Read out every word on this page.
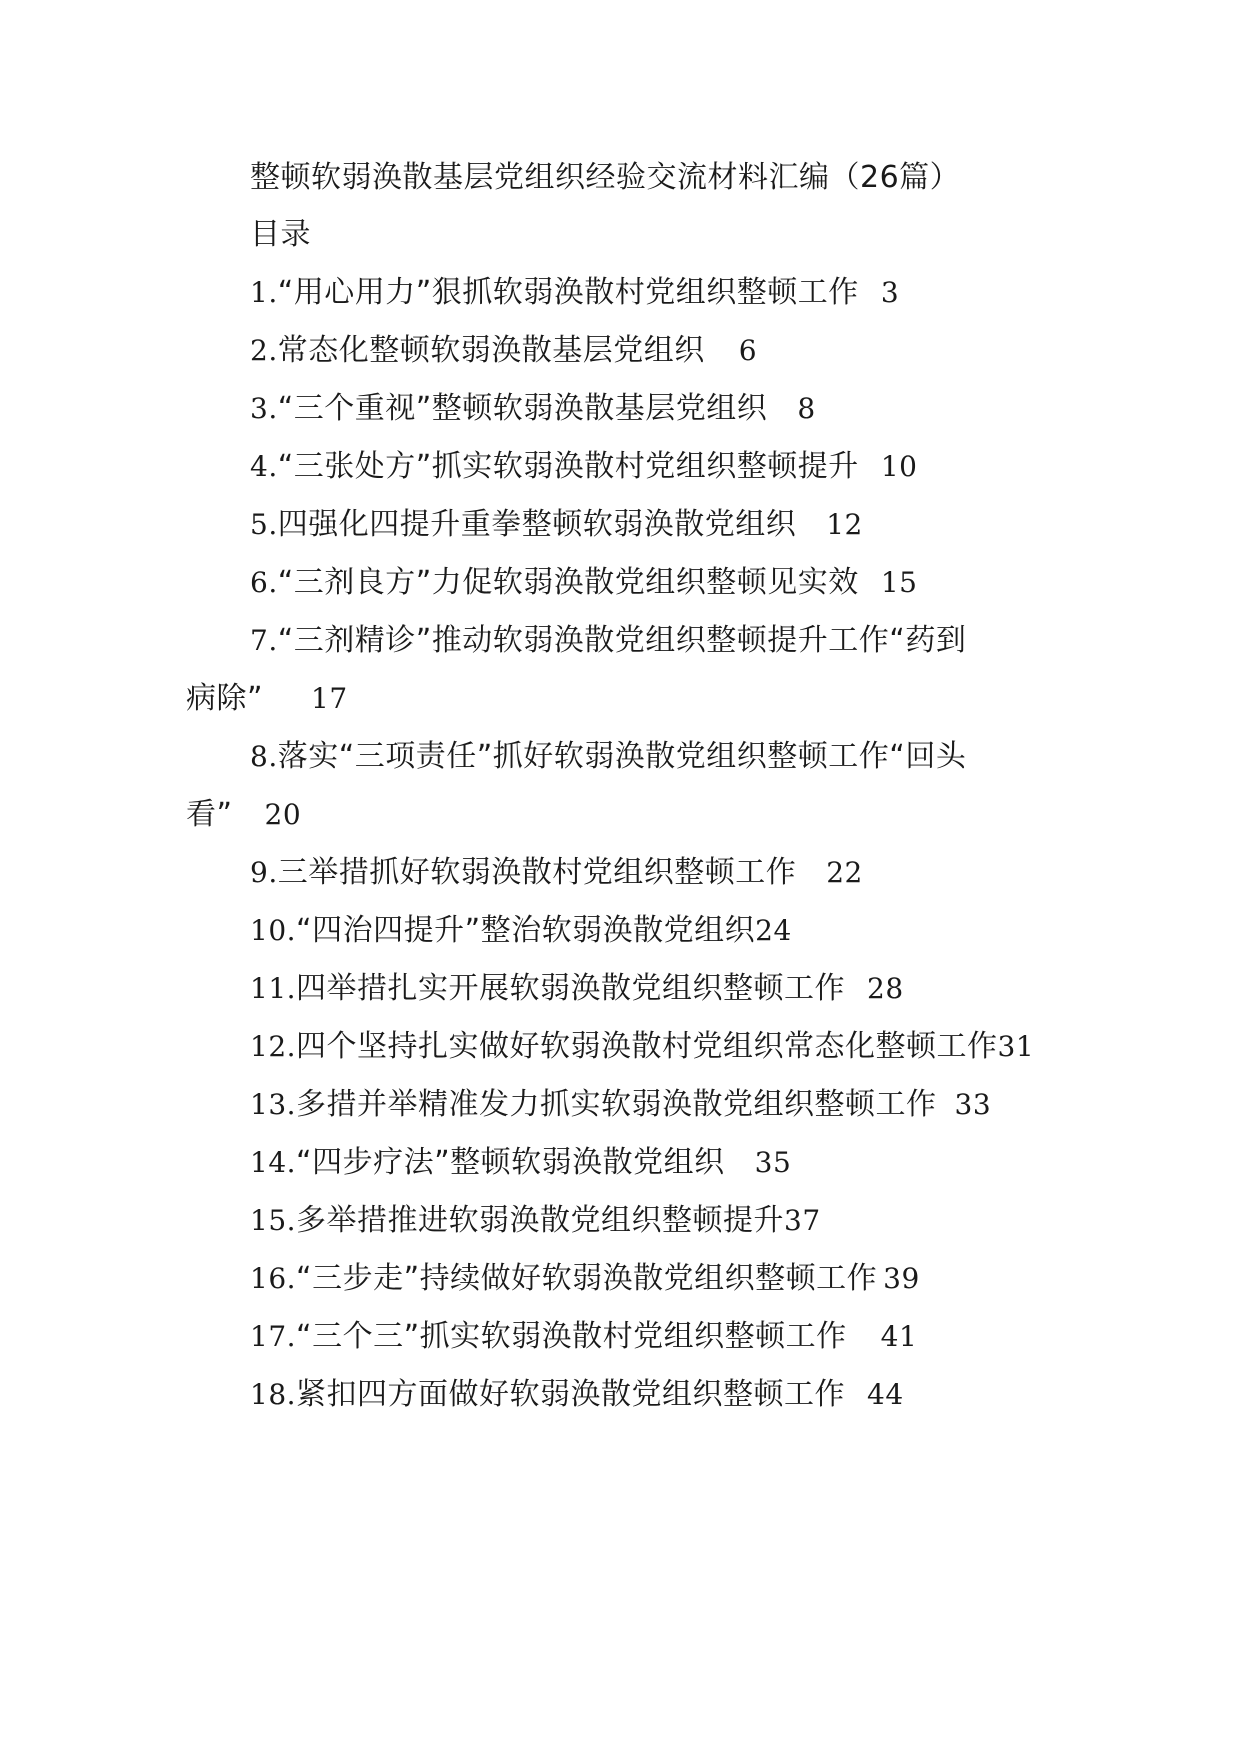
整顿软弱涣散基层党组织经验交流材料汇编（26篇）
目录
1.“用心用力”狠抓软弱涣散村党组织整顿工作 3
2.常态化整顿软弱涣散基层党组织 6
3.“三个重视”整顿软弱涣散基层党组织 8
4.“三张处方”抓实软弱涣散村党组织整顿提升 10
5.四强化四提升重拳整顿软弱涣散党组织 12
6.“三剂良方”力促软弱涣散党组织整顿见实效 15
7.“三剂精诊”推动软弱涣散党组织整顿提升工作“药到
病除” 17
8.落实“三项责任”抓好软弱涣散党组织整顿工作“回头
看” 20
9.三举措抓好软弱涣散村党组织整顿工作 22
10.“四治四提升”整治软弱涣散党组织24
11.四举措扎实开展软弱涣散党组织整顿工作 28
12.四个坚持扎实做好软弱涣散村党组织常态化整顿工作31
13.多措并举精准发力抓实软弱涣散党组织整顿工作 33
14.“四步疗法”整顿软弱涣散党组织 35
15.多举措推进软弱涣散党组织整顿提升37
16.“三步走”持续做好软弱涣散党组织整顿工作 39
17.“三个三”抓实软弱涣散村党组织整顿工作 41
18.紧扣四方面做好软弱涣散党组织整顿工作 44
